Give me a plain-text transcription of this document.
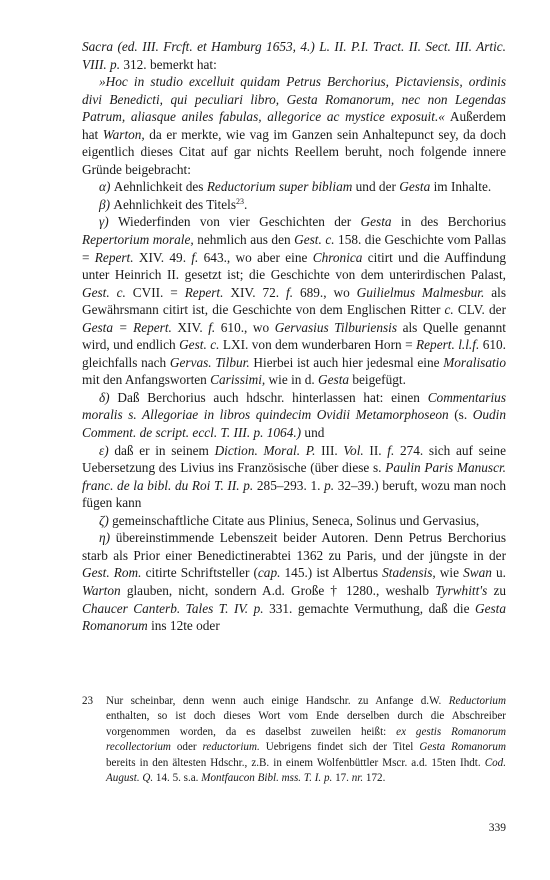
Sacra (ed. III. Frcft. et Hamburg 1653, 4.) L. II. P.I. Tract. II. Sect. III. Artic. VIII. p. 312. bemerkt hat:

»Hoc in studio excelluit quidam Petrus Berchorius, Pictaviensis, ordinis divi Benedicti, qui peculiari libro, Gesta Romanorum, nec non Legendas Patrum, aliasque aniles fabulas, allegorice ac mystice exposuit.« Außerdem hat Warton, da er merkte, wie vag im Ganzen sein Anhaltepunct sey, da doch eigentlich dieses Citat auf gar nichts Reellem beruht, noch folgende innere Gründe beigebracht:

α) Aehnlichkeit des Reductorium super bibliam und der Gesta im Inhalte.

β) Aehnlichkeit des Titels$^{23}$.

γ) Wiederfinden von vier Geschichten der Gesta in des Berchorius Repertorium morale, nehmlich aus den Gest. c. 158. die Geschichte vom Pallas = Repert. XIV. 49. f. 643., wo aber eine Chronica citirt und die Auffindung unter Heinrich II. gesetzt ist; die Geschichte von dem unterirdischen Palast, Gest. c. CVII. = Repert. XIV. 72. f. 689., wo Guilielmus Malmesbur. als Gewährsmann citirt ist, die Geschichte von dem Englischen Ritter c. CLV. der Gesta = Repert. XIV. f. 610., wo Gervasius Tilburiensis als Quelle genannt wird, und endlich Gest. c. LXI. von dem wunderbaren Horn = Repert. l.l.f. 610. gleichfalls nach Gervas. Tilbur. Hierbei ist auch hier jedesmal eine Moralisatio mit den Anfangsworten Carissimi, wie in d. Gesta beigefügt.

δ) Daß Berchorius auch hdschr. hinterlassen hat: einen Commentarius moralis s. Allegoriae in libros quindecim Ovidii Metamorphoseon (s. Oudin Comment. de script. eccl. T. III. p. 1064.) und

ε) daß er in seinem Diction. Moral. P. III. Vol. II. f. 274. sich auf seine Uebersetzung des Livius ins Französische (über diese s. Paulin Paris Manuscr. franc. de la bibl. du Roi T. II. p. 285–293. 1. p. 32–39.) beruft, wozu man noch fügen kann

ζ) gemeinschaftliche Citate aus Plinius, Seneca, Solinus und Gervasius,

η) übereinstimmende Lebenszeit beider Autoren. Denn Petrus Berchorius starb als Prior einer Benedictinerabtei 1362 zu Paris, und der jüngste in der Gest. Rom. citirte Schriftsteller (cap. 145.) ist Albertus Stadensis, wie Swan u. Warton glauben, nicht, sondern A.d. Große † 1280., weshalb Tyrwhitt's zu Chaucer Canterb. Tales T. IV. p. 331. gemachte Vermuthung, daß die Gesta Romanorum ins 12te oder

23 Nur scheinbar, denn wenn auch einige Handschr. zu Anfange d.W. Reductorium enthalten, so ist doch dieses Wort vom Ende derselben durch die Abschreiber vorgenommen worden, da es daselbst zuweilen heißt: ex gestis Romanorum recollectorium oder reductorium. Uebrigens findet sich der Titel Gesta Romanorum bereits in den ältesten Hdschr., z.B. in einem Wolfenbüttler Mscr. a.d. 15ten Ihdt. Cod. August. Q. 14. 5. s.a. Montfaucon Bibl. mss. T. I. p. 17. nr. 172.
339
